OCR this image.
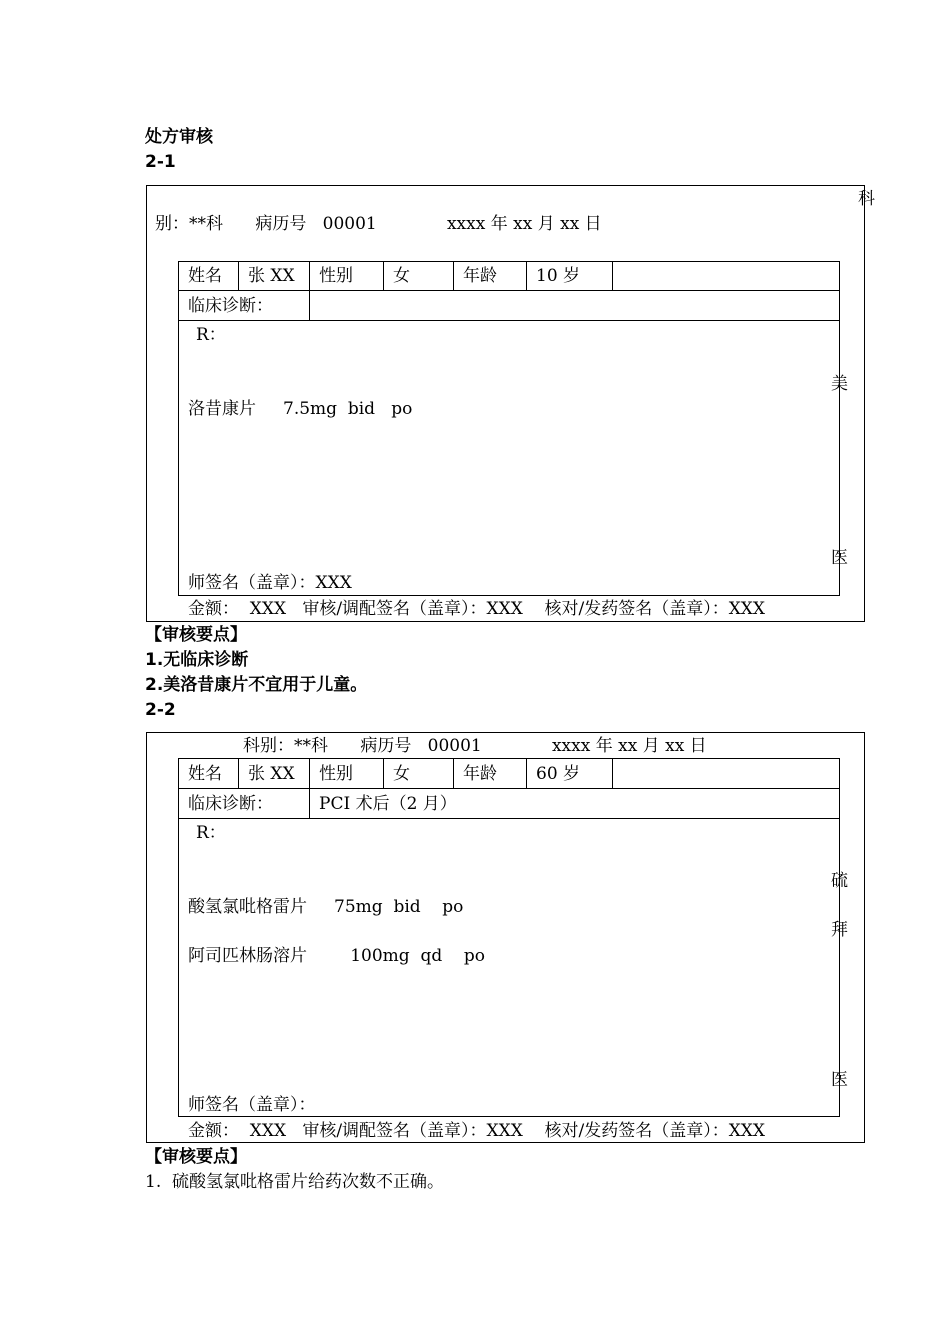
处方审核
2-1
科
别：**科      病历号   00001             xxxx 年 xx 月 xx 日
姓名 张 XX 性别 女	年龄 10 岁
临床诊断：
R：
洛昔康片     7.5mg  bid   po
美
医
师签名（盖章）：XXX
金额：  XXX   审核/调配签名（盖章）：XXX    核对/发药签名（盖章）：XXX
【审核要点】
1.无临床诊断
2.美洛昔康片不宜用于儿童。
2-2
科别：**科      病历号   00001             xxxx 年 xx 月 xx 日
姓名 张 XX 性别 女	年龄 60 岁
临床诊断：	PCI 术后（2 月）
R：
硫
酸氢氯吡格雷片     75mg  bid    po
拜
阿司匹林肠溶片        100mg  qd    po
医
师签名（盖章）：
金额：  XXX   审核/调配签名（盖章）：XXX    核对/发药签名（盖章）：XXX
【审核要点】
1.  硫酸氢氯吡格雷片给药次数不正确。
